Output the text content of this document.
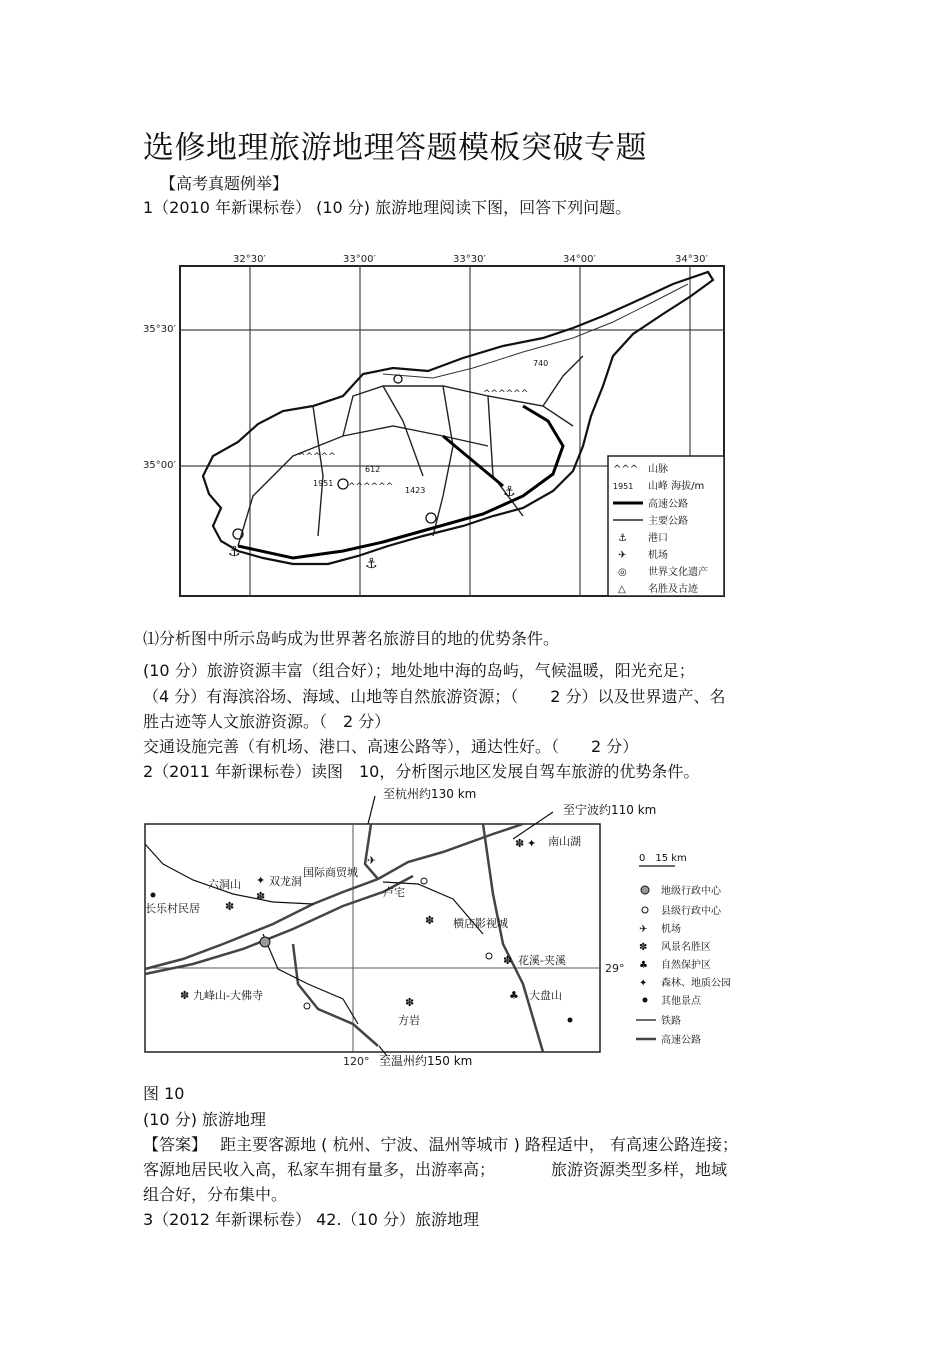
选修地理旅游地理答题模板突破专题
【高考真题例举】
1（2010 年新课标卷） (10 分) 旅游地理阅读下图，回答下列问题。
32°30′	33°00′	33°30′	34°00′	34°30′
35°30′
35°00′
^^^^^
^^^^^^
^^^^^^
1951
612
1423
740
⚓
⚓
⚓
^^^ 山脉
1951 山峰 海拔/m
高速公路
主要公路
⚓ 港口
✈ 机场
◎ 世界文化遗产
△ 名胜及古迹
⑴分析图中所示岛屿成为世界著名旅游目的地的优势条件。
(10 分）旅游资源丰富（组合好）；地处地中海的岛屿，气候温暖，阳光充足；
（4 分）有海滨浴场、海域、山地等自然旅游资源；（　　2 分）以及世界遗产、名
胜古迹等人文旅游资源。（　2 分）
交通设施完善（有机场、港口、高速公路等），通达性好。（　　2 分）
2（2011 年新课标卷）读图　10，分析图示地区发展自驾车旅游的优势条件。
29°
120°
至杭州约130 km
至宁波约110 km
至温州约150 km
✽ ✦ 南山湖
六洞山
✽
✦ 双龙洞
✽
✈
国际商贸城
卢宅
长乐村民居
✽ 横店影视城
✽ 花溪-夹溪
✽ 九峰山-大佛寺
✽
方岩
♣ 大盘山
0　15 km
地级行政中心
县级行政中心
✈ 机场
✽ 风景名胜区
♣ 自然保护区
✦ 森林、地质公园
其他景点
铁路
高速公路
图 10
(10 分) 旅游地理
【答案】　 距主要客源地 ( 杭州、宁波、温州等城市 ) 路程适中， 有高速公路连接；
客源地居民收入高，私家车拥有量多，出游率高；　　　　旅游资源类型多样，地域
组合好，分布集中。
3（2012 年新课标卷） 42.（10 分）旅游地理
